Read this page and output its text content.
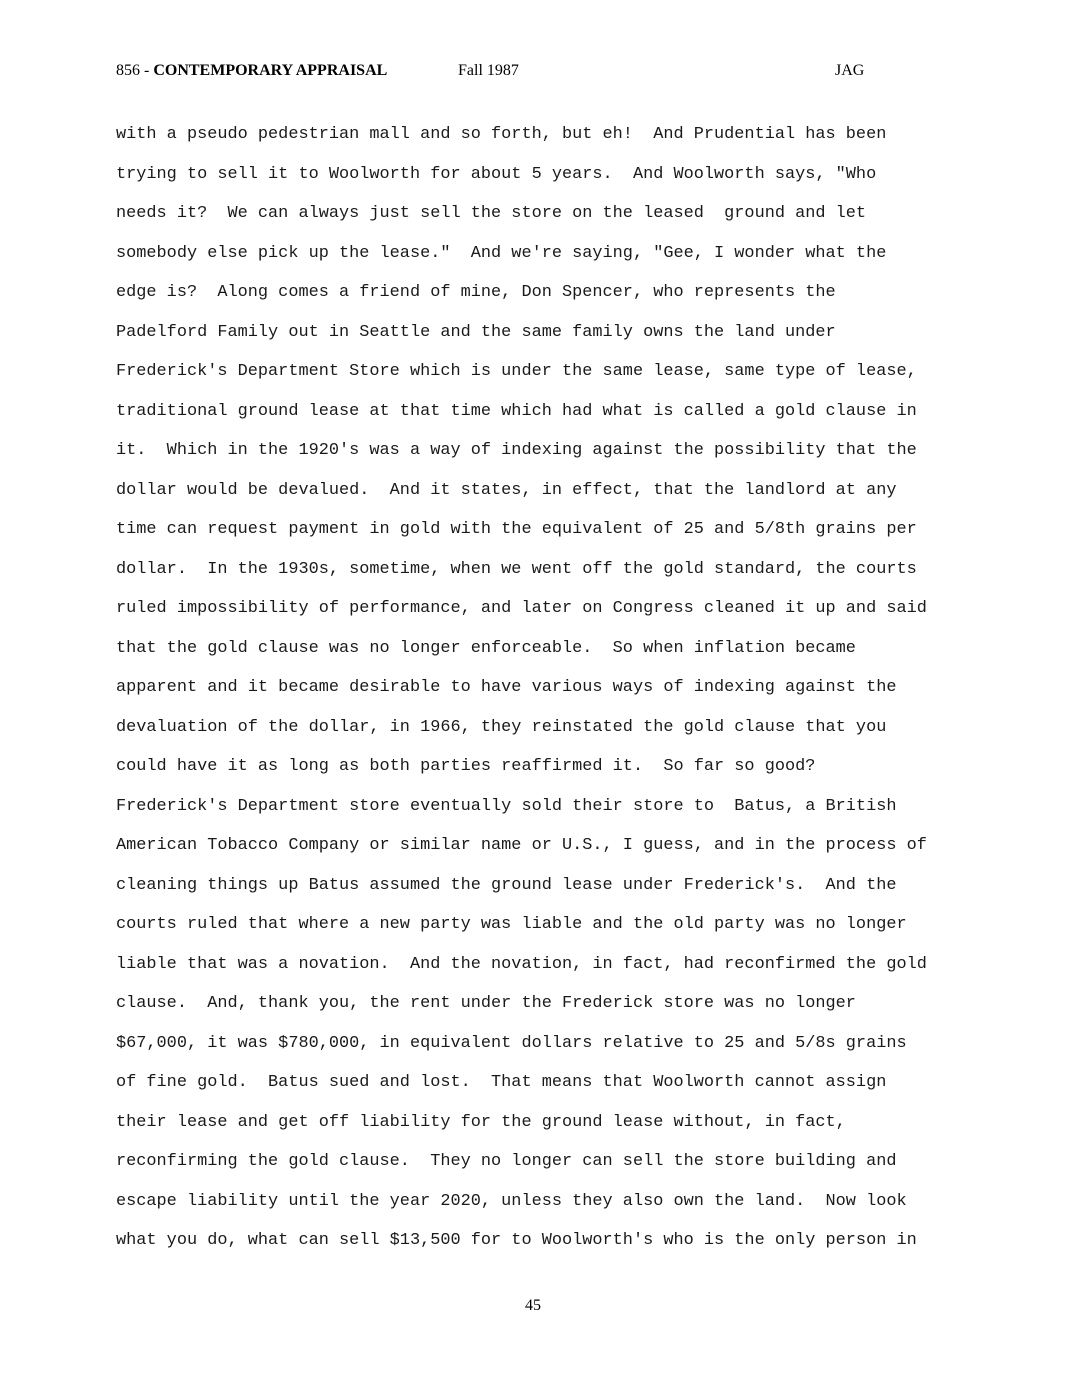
856 - CONTEMPORARY APPRAISAL	Fall 1987	JAG
with a pseudo pedestrian mall and so forth, but eh!  And Prudential has been
trying to sell it to Woolworth for about 5 years.  And Woolworth says, "Who
needs it?  We can always just sell the store on the leased  ground and let
somebody else pick up the lease."  And we're saying, "Gee, I wonder what the
edge is?  Along comes a friend of mine, Don Spencer, who represents the
Padelford Family out in Seattle and the same family owns the land under
Frederick's Department Store which is under the same lease, same type of lease,
traditional ground lease at that time which had what is called a gold clause in
it.  Which in the 1920's was a way of indexing against the possibility that the
dollar would be devalued.  And it states, in effect, that the landlord at any
time can request payment in gold with the equivalent of 25 and 5/8th grains per
dollar.  In the 1930s, sometime, when we went off the gold standard, the courts
ruled impossibility of performance, and later on Congress cleaned it up and said
that the gold clause was no longer enforceable.  So when inflation became
apparent and it became desirable to have various ways of indexing against the
devaluation of the dollar, in 1966, they reinstated the gold clause that you
could have it as long as both parties reaffirmed it.  So far so good?
Frederick's Department store eventually sold their store to  Batus, a British
American Tobacco Company or similar name or U.S., I guess, and in the process of
cleaning things up Batus assumed the ground lease under Frederick's.  And the
courts ruled that where a new party was liable and the old party was no longer
liable that was a novation.  And the novation, in fact, had reconfirmed the gold
clause.  And, thank you, the rent under the Frederick store was no longer
$67,000, it was $780,000, in equivalent dollars relative to 25 and 5/8s grains
of fine gold.  Batus sued and lost.  That means that Woolworth cannot assign
their lease and get off liability for the ground lease without, in fact,
reconfirming the gold clause.  They no longer can sell the store building and
escape liability until the year 2020, unless they also own the land.  Now look
what you do, what can sell $13,500 for to Woolworth's who is the only person in
45
